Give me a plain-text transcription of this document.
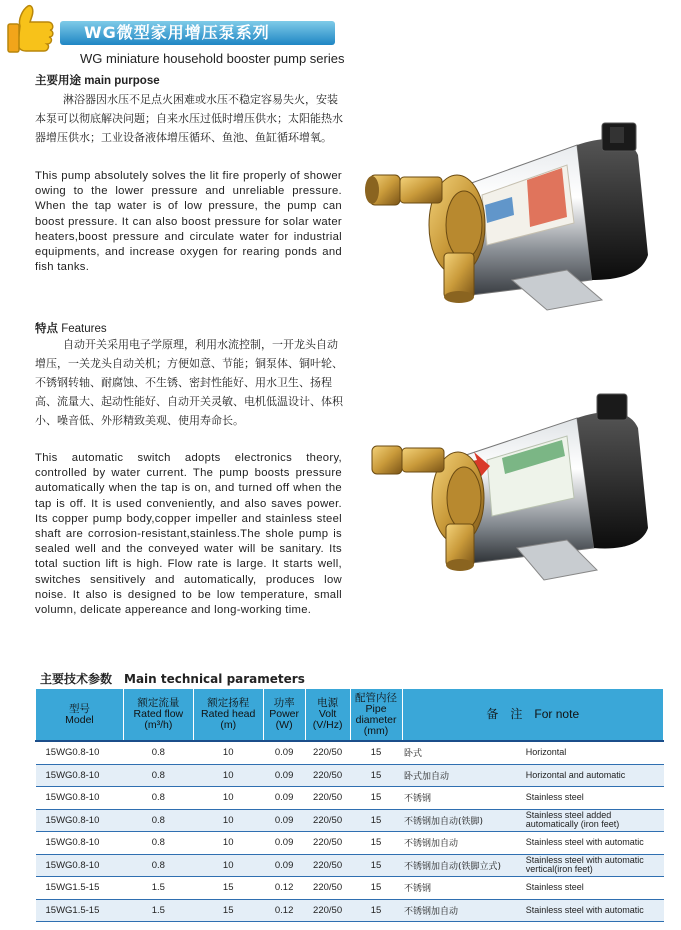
WG微型家用增压泵系列
WG miniature household booster pump series
主要用途 main purpose
淋浴器因水压不足点火困难或水压不稳定容易失火，安装本泵可以彻底解决问题；自来水压过低时增压供水；太阳能热水器增压供水；工业设备液体增压循环、鱼池、鱼缸循环增氧。
This pump absolutely solves the lit fire properly of shower owing to the lower pressure and unreliable pressure. When the tap water is of low pressure, the pump can boost pressure. It can also boost pressure for solar water heaters,boost pressure and circulate water for industrial equipments, and increase oxygen for rearing ponds and fish tanks.
特点 Features
自动开关采用电子学原理，利用水流控制，一开龙头自动增压，一关龙头自动关机；方便如意、节能；铜泵体、铜叶轮、不锈钢转轴、耐腐蚀、不生锈、密封性能好、用水卫生、扬程高、流量大、起动性能好、自动开关灵敏、电机低温设计、体积小、噪音低、外形精致美观、使用寿命长。
This automatic switch adopts electronics theory, controlled by water current. The pump boosts pressure automatically when the tap is on, and turned off when the tap is off. It is used conveniently, and also saves power. Its copper pump body,copper impeller and stainless steel shaft are corrosion-resistant,stainless.The shole pump is sealed well and the conveyed water will be sanitary. Its total suction lift is high. Flow rate is large. It starts well, switches sensitively and automatically, produces low noise. It also is designed to be low temperature, small volumn, delicate appereance and long-working time.
主要技术参数　Main technical parameters
型号
Model	额定流量
Rated flow
(m³/h)	额定扬程
Rated head
(m)	功率
Power
(W)	电源
Volt
(V/Hz)	配管内径
Pipe diameter
(mm)	备　注　 For note	
15WG0.8-10	0.8	10	0.09	220/50	15	卧式	Horizontal
15WG0.8-10	0.8	10	0.09	220/50	15	卧式加自动	Horizontal and automatic
15WG0.8-10	0.8	10	0.09	220/50	15	不锈钢	Stainless steel
15WG0.8-10	0.8	10	0.09	220/50	15	不锈钢加自动(铁脚)	Stainless steel added automatically (iron feet)
15WG0.8-10	0.8	10	0.09	220/50	15	不锈钢加自动	Stainless steel with automatic
15WG0.8-10	0.8	10	0.09	220/50	15	不锈钢加自动(铁脚立式)	Stainless steel with automatic vertical(iron feet)
15WG1.5-15	1.5	15	0.12	220/50	15	不锈钢	Stainless steel
15WG1.5-15	1.5	15	0.12	220/50	15	不锈钢加自动	Stainless steel with automatic
